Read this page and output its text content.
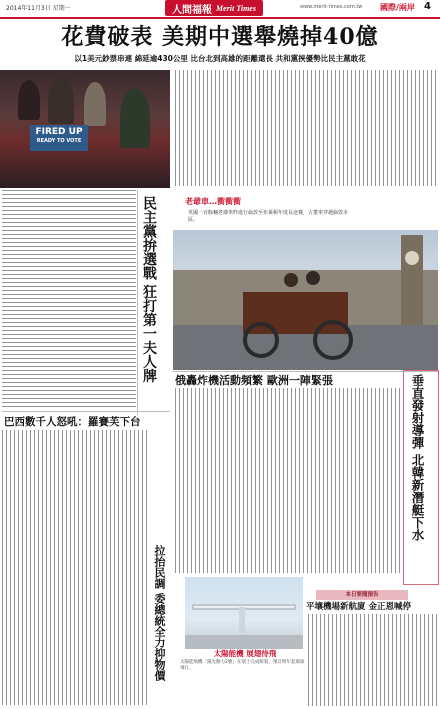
2014年11月3日 星期一	人間福報 Merit Times	www.merit-times.com.tw 國際/兩岸 4
花費破表 美期中選舉燒掉40億
以1美元鈔票串連 綿延逾430公里 比台北到高雄的距離還長 共和黨挾優勢比民主黨敢花
FIRED UP
READY TO VOTE
民主黨拚選戰 狂打第一夫人牌
巴西數千人怒吼：羅賽芙下台
拉抬民調 委總統全力抑物價
老爺車…衝衝衝
英國一百餘輛老爺車昨進行倫敦至布萊頓年度長途賽，古董車穿越倫敦市區。
俄轟炸機活動頻繁 歐洲一陣緊張	垂直發射導彈 北韓新潛艇下水
太陽能機 展翅待飛
太陽能飛機「陽光動力2號」在瑞士完成組裝，預計明年起環球飛行。
本日要聞預告
平壤機場新航廈 金正恩喊停
